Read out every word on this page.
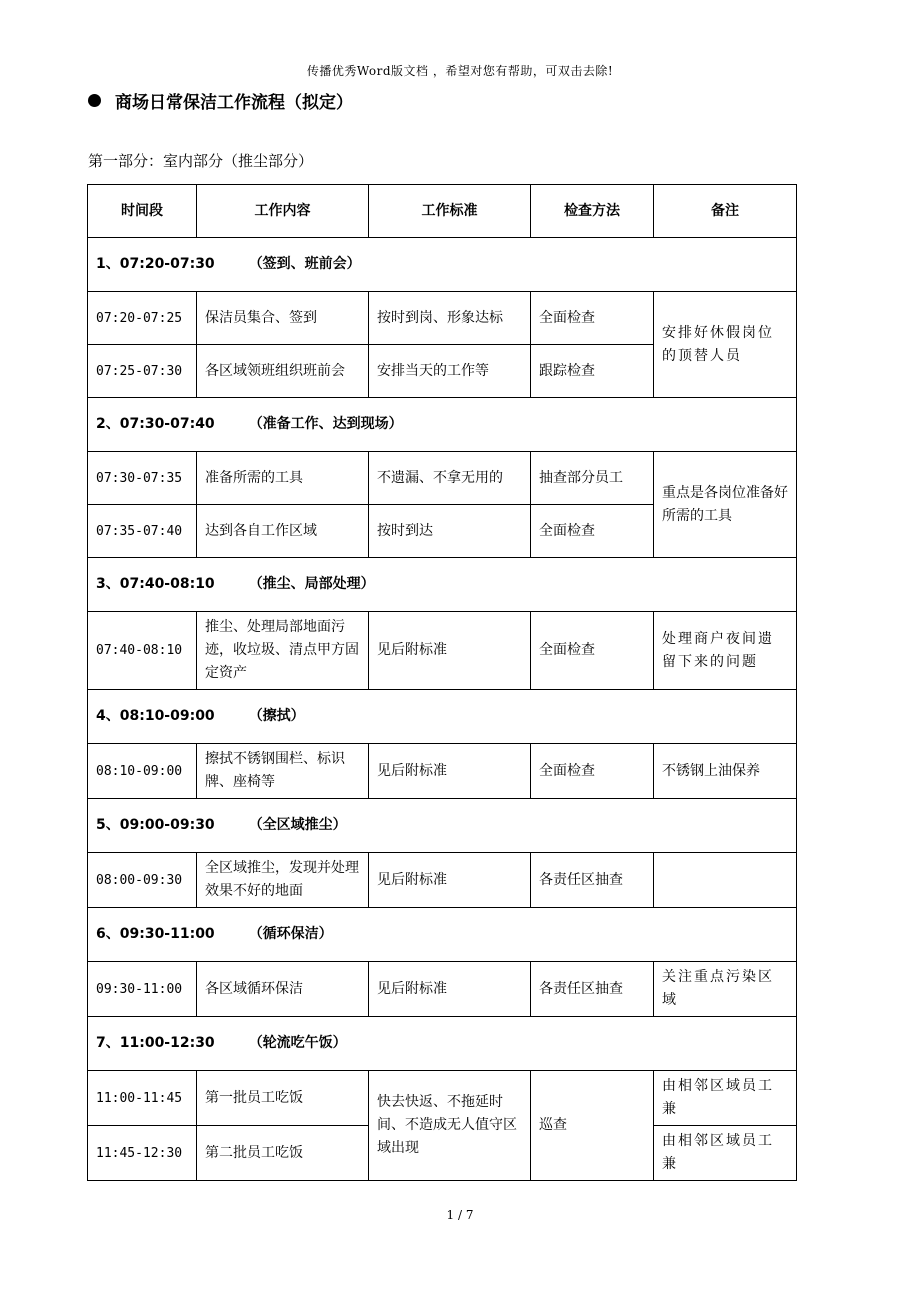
传播优秀Word版文档 ，希望对您有帮助，可双击去除!
商场日常保洁工作流程（拟定）
第一部分：室内部分（推尘部分）
时间段	工作内容	工作标准	检查方法	备注
1、07:20-07:30 （签到、班前会）				
07:20-07:25	保洁员集合、签到	按时到岗、形象达标	全面检查	安排好休假岗位的顶替人员
07:25-07:30	各区域领班组织班前会	安排当天的工作等	跟踪检查	
2、07:30-07:40 （准备工作、达到现场）				
07:30-07:35	准备所需的工具	不遗漏、不拿无用的	抽查部分员工	重点是各岗位准备好所需的工具
07:35-07:40	达到各自工作区域	按时到达	全面检查	
3、07:40-08:10 （推尘、局部处理）				
07:40-08:10	推尘、处理局部地面污迹，收垃圾、清点甲方固定资产	见后附标准	全面检查	处理商户夜间遗留下来的问题
4、08:10-09:00 （擦拭）				
08:10-09:00	擦拭不锈钢围栏、标识牌、座椅等	见后附标准	全面检查	不锈钢上油保养
5、09:00-09:30 （全区域推尘）				
08:00-09:30	全区域推尘，发现并处理效果不好的地面	见后附标准	各责任区抽查	
6、09:30-11:00 （循环保洁）				
09:30-11:00	各区域循环保洁	见后附标准	各责任区抽查	关注重点污染区域
7、11:00-12:30 （轮流吃午饭）				
11:00-11:45	第一批员工吃饭	快去快返、不拖延时间、不造成无人值守区域出现	巡查	由相邻区域员工兼
11:45-12:30	第二批员工吃饭			由相邻区域员工兼
1 / 7
